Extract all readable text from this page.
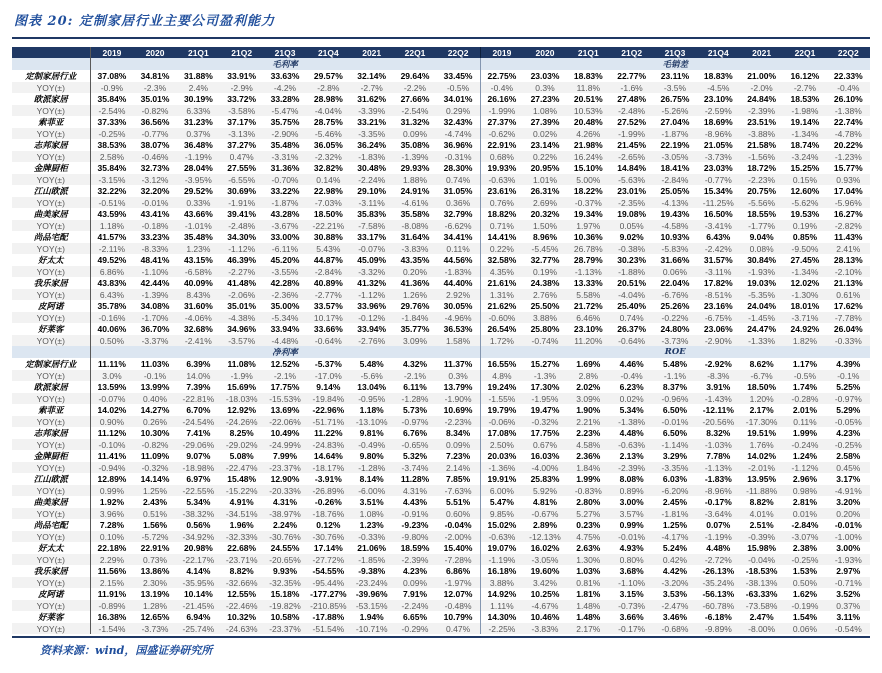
图表 20: 定制家居行业主要公司盈利能力
	2019	2020	21Q1	21Q2	21Q3	21Q4	2021	22Q1	22Q2	2019	2020	21Q1	21Q2	21Q3	21Q4	2021	22Q1	22Q2
	毛利率									毛销差								
定制家居行业	37.08%	34.81%	31.88%	33.91%	33.63%	29.57%	32.14%	29.64%	33.45%	22.75%	23.03%	18.83%	22.77%	23.11%	18.83%	21.00%	16.12%	22.33%
YOY(±)	-0.9%	-2.3%	2.4%	-2.9%	-4.2%	-2.8%	-2.7%	-2.2%	-0.5%	-0.4%	0.3%	11.8%	-1.6%	-3.5%	-4.5%	-2.0%	-2.7%	-0.4%
欧派家居	35.84%	35.01%	30.19%	33.72%	33.28%	28.98%	31.62%	27.66%	34.01%	26.16%	27.23%	20.51%	27.48%	26.75%	23.10%	24.84%	18.53%	26.10%
YOY(±)	-2.54%	-0.82%	6.33%	-3.58%	-5.47%	-4.04%	-3.39%	-2.54%	0.29%	-1.99%	1.08%	10.53%	-2.48%	-5.26%	-2.59%	-2.39%	-1.98%	-1.38%
索菲亚	37.33%	36.56%	31.23%	37.17%	35.75%	28.75%	33.21%	31.32%	32.43%	27.37%	27.39%	20.48%	27.52%	27.04%	18.69%	23.51%	19.14%	22.74%
YOY(±)	-0.25%	-0.77%	0.37%	-3.13%	-2.90%	-5.46%	-3.35%	0.09%	-4.74%	-0.62%	0.02%	4.26%	-1.99%	-1.87%	-8.96%	-3.88%	-1.34%	-4.78%
志邦家居	38.53%	38.07%	36.48%	37.27%	35.48%	36.05%	36.24%	35.08%	36.96%	22.91%	23.14%	21.98%	21.45%	22.19%	21.05%	21.58%	18.74%	20.22%
YOY(±)	2.58%	-0.46%	-1.19%	0.47%	-3.31%	-2.32%	-1.83%	-1.39%	-0.31%	0.68%	0.22%	16.24%	-2.65%	-3.05%	-3.73%	-1.56%	-3.24%	-1.23%
金牌厨柜	35.84%	32.73%	28.04%	27.55%	31.36%	32.82%	30.48%	29.93%	28.30%	19.93%	20.95%	15.10%	14.84%	18.41%	23.03%	18.72%	15.25%	15.77%
YOY(±)	-3.15%	-3.12%	-3.95%	-6.55%	-0.70%	0.14%	-2.24%	1.88%	0.74%	-0.63%	1.01%	5.00%	-5.63%	-2.84%	-0.77%	-2.23%	0.15%	0.93%
江山欧派	32.22%	32.20%	29.52%	30.69%	33.22%	22.98%	29.10%	24.91%	31.05%	23.61%	26.31%	18.22%	23.01%	25.05%	15.34%	20.75%	12.60%	17.04%
YOY(±)	-0.51%	-0.01%	0.33%	-1.91%	-1.87%	-7.03%	-3.11%	-4.61%	0.36%	0.76%	2.69%	-0.37%	-2.35%	-4.13%	-11.25%	-5.56%	-5.62%	-5.96%
曲美家居	43.59%	43.41%	43.66%	39.41%	43.28%	18.50%	35.83%	35.58%	32.79%	18.82%	20.32%	19.34%	19.08%	19.43%	16.50%	18.55%	19.53%	16.27%
YOY(±)	1.18%	-0.18%	-1.01%	-2.48%	-3.67%	-22.21%	-7.58%	-8.08%	-6.62%	0.71%	1.50%	1.97%	0.05%	-4.58%	-3.41%	-1.77%	0.19%	-2.82%
尚品宅配	41.57%	33.23%	35.48%	34.30%	33.00%	30.88%	33.17%	31.64%	34.41%	14.41%	8.96%	10.36%	9.02%	10.93%	6.43%	9.04%	0.85%	11.43%
YOY(±)	-2.11%	-8.33%	1.23%	-1.12%	-6.11%	5.43%	-0.07%	-3.83%	0.11%	0.22%	-5.45%	26.78%	-0.38%	-5.83%	-2.42%	0.08%	-9.50%	2.41%
好太太	49.52%	48.41%	43.15%	46.39%	45.20%	44.87%	45.09%	43.35%	44.56%	32.58%	32.77%	28.79%	30.23%	31.66%	31.57%	30.84%	27.45%	28.13%
YOY(±)	6.86%	-1.10%	-6.58%	-2.27%	-3.55%	-2.84%	-3.32%	0.20%	-1.83%	4.35%	0.19%	-1.13%	-1.88%	0.06%	-3.11%	-1.93%	-1.34%	-2.10%
我乐家居	43.83%	42.44%	40.09%	41.48%	42.28%	40.89%	41.32%	41.36%	44.40%	21.61%	24.38%	13.33%	20.51%	22.04%	17.82%	19.03%	12.02%	21.13%
YOY(±)	6.43%	-1.39%	8.43%	-2.06%	-2.36%	-2.77%	-1.12%	1.26%	2.92%	1.31%	2.76%	5.58%	-4.04%	-6.76%	-8.51%	-5.35%	-1.30%	0.61%
皮阿诺	35.78%	34.08%	31.60%	35.01%	35.00%	33.57%	33.96%	29.76%	30.05%	21.62%	25.50%	21.72%	25.40%	25.26%	23.16%	24.04%	18.01%	17.62%
YOY(±)	-0.16%	-1.70%	-4.06%	-4.38%	-5.34%	10.17%	-0.12%	-1.84%	-4.96%	-0.60%	3.88%	6.46%	0.74%	-0.22%	-6.75%	-1.45%	-3.71%	-7.78%
好莱客	40.06%	36.70%	32.68%	34.96%	33.94%	33.66%	33.94%	35.77%	36.53%	26.54%	25.80%	23.10%	26.37%	24.80%	23.06%	24.47%	24.92%	26.04%
YOY(±)	0.50%	-3.37%	-2.41%	-3.57%	-4.48%	-0.64%	-2.76%	3.09%	1.58%	1.72%	-0.74%	11.20%	-0.64%	-3.73%	-2.90%	-1.33%	1.82%	-0.33%
	净利率									ROE								
定制家居行业	11.11%	11.03%	6.39%	11.08%	12.52%	-5.37%	5.48%	4.32%	11.37%	16.55%	15.27%	1.69%	4.46%	5.48%	-2.92%	8.62%	1.17%	4.39%
YOY(±)	3.0%	-0.1%	14.0%	-1.9%	-2.1%	-17.0%	-5.6%	-2.1%	0.3%	4.8%	-1.3%	2.8%	-0.4%	-1.1%	-8.3%	-6.7%	-0.5%	-0.1%
欧派家居	13.59%	13.99%	7.39%	15.69%	17.75%	9.14%	13.04%	6.11%	13.79%	19.24%	17.30%	2.02%	6.23%	8.37%	3.91%	18.50%	1.74%	5.25%
YOY(±)	-0.07%	0.40%	-22.81%	-18.03%	-15.53%	-19.84%	-0.95%	-1.28%	-1.90%	-1.55%	-1.95%	3.09%	0.02%	-0.96%	-1.43%	1.20%	-0.28%	-0.97%
索菲亚	14.02%	14.27%	6.70%	12.92%	13.69%	-22.96%	1.18%	5.73%	10.69%	19.79%	19.47%	1.90%	5.34%	6.50%	-12.11%	2.17%	2.01%	5.29%
YOY(±)	0.90%	0.26%	-24.54%	-24.26%	-22.06%	-51.71%	-13.10%	-0.97%	-2.23%	-0.06%	-0.32%	2.21%	-1.38%	-0.01%	-20.56%	-17.30%	0.11%	-0.05%
志邦家居	11.12%	10.30%	7.41%	8.25%	10.49%	11.22%	9.81%	6.76%	8.34%	17.08%	17.75%	2.23%	4.48%	6.50%	8.32%	19.51%	1.99%	4.23%
YOY(±)	-0.10%	-0.82%	-29.06%	-29.02%	-24.99%	-24.83%	-0.49%	-0.65%	0.09%	2.50%	0.67%	4.58%	-0.63%	-1.14%	-1.03%	1.76%	-0.24%	-0.25%
金牌厨柜	11.41%	11.09%	9.07%	5.08%	7.99%	14.64%	9.80%	5.32%	7.23%	20.03%	16.03%	2.36%	2.13%	3.29%	7.78%	14.02%	1.24%	2.58%
YOY(±)	-0.94%	-0.32%	-18.98%	-22.47%	-23.37%	-18.17%	-1.28%	-3.74%	2.14%	-1.36%	-4.00%	1.84%	-2.39%	-3.35%	-1.13%	-2.01%	-1.12%	0.45%
江山欧派	12.89%	14.14%	6.97%	15.48%	12.90%	-3.91%	8.14%	11.28%	7.85%	19.91%	25.83%	1.99%	8.08%	6.03%	-1.83%	13.95%	2.96%	3.17%
YOY(±)	0.99%	1.25%	-22.55%	-15.22%	-20.33%	-26.89%	-6.00%	4.31%	-7.63%	6.00%	5.92%	-0.83%	0.89%	-6.20%	-8.96%	-11.88%	0.98%	-4.91%
曲美家居	1.92%	2.43%	5.34%	4.91%	4.31%	-0.26%	3.51%	4.43%	5.51%	5.47%	4.81%	2.80%	3.00%	2.45%	-0.17%	8.82%	2.81%	3.20%
YOY(±)	3.96%	0.51%	-38.32%	-34.51%	-38.97%	-18.76%	1.08%	-0.91%	0.60%	9.85%	-0.67%	5.27%	3.57%	-1.81%	-3.64%	4.01%	0.01%	0.20%
尚品宅配	7.28%	1.56%	0.56%	1.96%	2.24%	0.12%	1.23%	-9.23%	-0.04%	15.02%	2.89%	0.23%	0.99%	1.25%	0.07%	2.51%	-2.84%	-0.01%
YOY(±)	0.10%	-5.72%	-34.92%	-32.33%	-30.76%	-30.76%	-0.33%	-9.80%	-2.00%	-0.63%	-12.13%	4.75%	-0.01%	-4.17%	-1.19%	-0.39%	-3.07%	-1.00%
好太太	22.18%	22.91%	20.98%	22.68%	24.55%	17.14%	21.06%	18.59%	15.40%	19.07%	16.02%	2.63%	4.93%	5.24%	4.48%	15.98%	2.38%	3.00%
YOY(±)	2.29%	0.73%	-22.17%	-23.71%	-20.65%	-27.72%	-1.85%	-2.39%	-7.28%	-1.19%	-3.05%	1.30%	0.80%	0.42%	-2.72%	-0.04%	-0.25%	-1.93%
我乐家居	11.56%	13.86%	4.14%	8.82%	9.93%	-54.55%	-9.38%	4.23%	6.86%	16.18%	19.60%	1.03%	3.68%	4.42%	-26.13%	-18.53%	1.53%	2.97%
YOY(±)	2.15%	2.30%	-35.95%	-32.66%	-32.35%	-95.44%	-23.24%	0.09%	-1.97%	3.88%	3.42%	0.81%	-1.10%	-3.20%	-35.24%	-38.13%	0.50%	-0.71%
皮阿诺	11.91%	13.19%	10.14%	12.55%	15.18%	-177.27%	-39.96%	7.91%	12.07%	14.92%	10.25%	1.81%	3.15%	3.53%	-56.13%	-63.33%	1.62%	3.52%
YOY(±)	-0.89%	1.28%	-21.45%	-22.46%	-19.82%	-210.85%	-53.15%	-2.24%	-0.48%	1.11%	-4.67%	1.48%	-0.73%	-2.47%	-60.78%	-73.58%	-0.19%	0.37%
好莱客	16.38%	12.65%	6.94%	10.32%	10.58%	-17.88%	1.94%	6.65%	10.79%	14.30%	10.46%	1.48%	3.66%	3.46%	-6.18%	2.47%	1.54%	3.11%
YOY(±)	-1.54%	-3.73%	-25.74%	-24.63%	-23.37%	-51.54%	-10.71%	-0.29%	0.47%	-2.25%	-3.83%	2.17%	-0.17%	-0.68%	-9.89%	-8.00%	0.06%	-0.54%
资料来源：wind，国盛证券研究所
